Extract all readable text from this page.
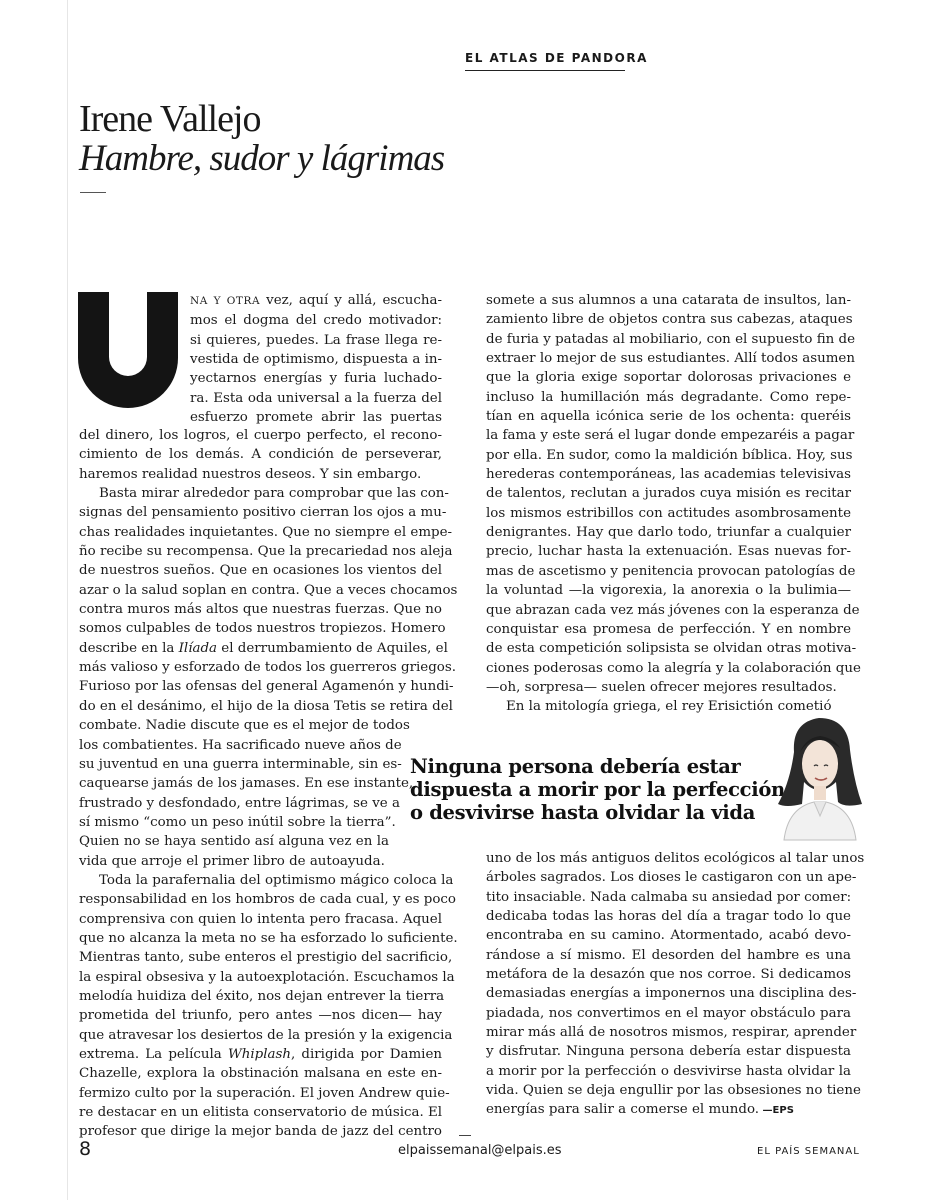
EL ATLAS DE PANDORA
Irene Vallejo
Hambre, sudor y lágrimas
NA Y OTRA vez, aquí y allá, escucha-
mos el dogma del credo motivador:
si quieres, puedes. La frase llega re-
vestida de optimismo, dispuesta a in-
yectarnos energías y furia luchado-
ra. Esta oda universal a la fuerza del
esfuerzo promete abrir las puertas
del dinero, los logros, el cuerpo perfecto, el recono-
cimiento de los demás. A condición de perseverar,
haremos realidad nuestros deseos. Y sin embargo.
Basta mirar alrededor para comprobar que las con-
signas del pensamiento positivo cierran los ojos a mu-
chas realidades inquietantes. Que no siempre el empe-
ño recibe su recompensa. Que la precariedad nos aleja
de nuestros sueños. Que en ocasiones los vientos del
azar o la salud soplan en contra. Que a veces chocamos
contra muros más altos que nuestras fuerzas. Que no
somos culpables de todos nuestros tropiezos. Homero
describe en la Ilíada el derrumbamiento de Aquiles, el
más valioso y esforzado de todos los guerreros griegos.
Furioso por las ofensas del general Agamenón y hundi-
do en el desánimo, el hijo de la diosa Tetis se retira del
combate. Nadie discute que es el mejor de todos
los combatientes. Ha sacrificado nueve años de
su juventud en una guerra interminable, sin es-
caquearse jamás de los jamases. En ese instante,
frustrado y desfondado, entre lágrimas, se ve a
sí mismo “como un peso inútil sobre la tierra”.
Quien no se haya sentido así alguna vez en la
vida que arroje el primer libro de autoayuda.
Toda la parafernalia del optimismo mágico coloca la
responsabilidad en los hombros de cada cual, y es poco
comprensiva con quien lo intenta pero fracasa. Aquel
que no alcanza la meta no se ha esforzado lo suficiente.
Mientras tanto, sube enteros el prestigio del sacrificio,
la espiral obsesiva y la autoexplotación. Escuchamos la
melodía huidiza del éxito, nos dejan entrever la tierra
prometida del triunfo, pero antes —nos dicen— hay
que atravesar los desiertos de la presión y la exigencia
extrema. La película Whiplash, dirigida por Damien
Chazelle, explora la obstinación malsana en este en-
fermizo culto por la superación. El joven Andrew quie-
re destacar en un elitista conservatorio de música. El
profesor que dirige la mejor banda de jazz del centro
somete a sus alumnos a una catarata de insultos, lan-
zamiento libre de objetos contra sus cabezas, ataques
de furia y patadas al mobiliario, con el supuesto fin de
extraer lo mejor de sus estudiantes. Allí todos asumen
que la gloria exige soportar dolorosas privaciones e
incluso la humillación más degradante. Como repe-
tían en aquella icónica serie de los ochenta: queréis
la fama y este será el lugar donde empezaréis a pagar
por ella. En sudor, como la maldición bíblica. Hoy, sus
herederas contemporáneas, las academias televisivas
de talentos, reclutan a jurados cuya misión es recitar
los mismos estribillos con actitudes asombrosamente
denigrantes. Hay que darlo todo, triunfar a cualquier
precio, luchar hasta la extenuación. Esas nuevas for-
mas de ascetismo y penitencia provocan patologías de
la voluntad —la vigorexia, la anorexia o la bulimia—
que abrazan cada vez más jóvenes con la esperanza de
conquistar esa promesa de perfección. Y en nombre
de esta competición solipsista se olvidan otras motiva-
ciones poderosas como la alegría y la colaboración que
—oh, sorpresa— suelen ofrecer mejores resultados.
En la mitología griega, el rey Erisictión cometió
uno de los más antiguos delitos ecológicos al talar unos
árboles sagrados. Los dioses le castigaron con un ape-
tito insaciable. Nada calmaba su ansiedad por comer:
dedicaba todas las horas del día a tragar todo lo que
encontraba en su camino. Atormentado, acabó devo-
rándose a sí mismo. El desorden del hambre es una
metáfora de la desazón que nos corroe. Si dedicamos
demasiadas energías a imponernos una disciplina des-
piadada, nos convertimos en el mayor obstáculo para
mirar más allá de nosotros mismos, respirar, aprender
y disfrutar. Ninguna persona debería estar dispuesta
a morir por la perfección o desvivirse hasta olvidar la
vida. Quien se deja engullir por las obsesiones no tiene
energías para salir a comerse el mundo. —EPS
Ninguna persona debería estar
dispuesta a morir por la perfección
o desvivirse hasta olvidar la vida
8	elpaissemanal@elpais.es	EL PAÍS SEMANAL
